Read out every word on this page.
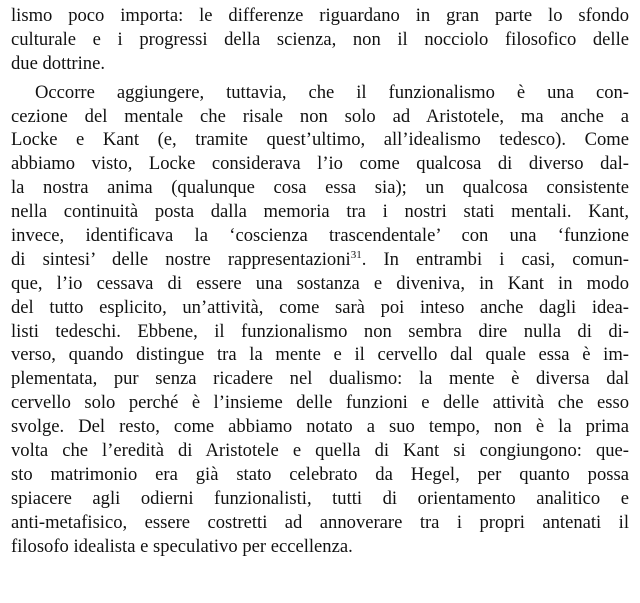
lismo poco importa: le differenze riguardano in gran parte lo sfondo
culturale e i progressi della scienza, non il nocciolo filosofico delle
due dottrine.
Occorre aggiungere, tuttavia, che il funzionalismo è una con-
cezione del mentale che risale non solo ad Aristotele, ma anche a
Locke e Kant (e, tramite quest’ultimo, all’idealismo tedesco). Come
abbiamo visto, Locke considerava l’io come qualcosa di diverso dal-
la nostra anima (qualunque cosa essa sia); un qualcosa consistente
nella continuità posta dalla memoria tra i nostri stati mentali. Kant,
invece, identificava la ‘coscienza trascendentale’ con una ‘funzione
di sintesi’ delle nostre rappresentazioni$^{31}$. In entrambi i casi, comun-
que, l’io cessava di essere una sostanza e diveniva, in Kant in modo
del tutto esplicito, un’attività, come sarà poi inteso anche dagli idea-
listi tedeschi. Ebbene, il funzionalismo non sembra dire nulla di di-
verso, quando distingue tra la mente e il cervello dal quale essa è im-
plementata, pur senza ricadere nel dualismo: la mente è diversa dal
cervello solo perché è l’insieme delle funzioni e delle attività che esso
svolge. Del resto, come abbiamo notato a suo tempo, non è la prima
volta che l’eredità di Aristotele e quella di Kant si congiungono: que-
sto matrimonio era già stato celebrato da Hegel, per quanto possa
spiacere agli odierni funzionalisti, tutti di orientamento analitico e
anti-metafisico, essere costretti ad annoverare tra i propri antenati il
filosofo idealista e speculativo per eccellenza.
